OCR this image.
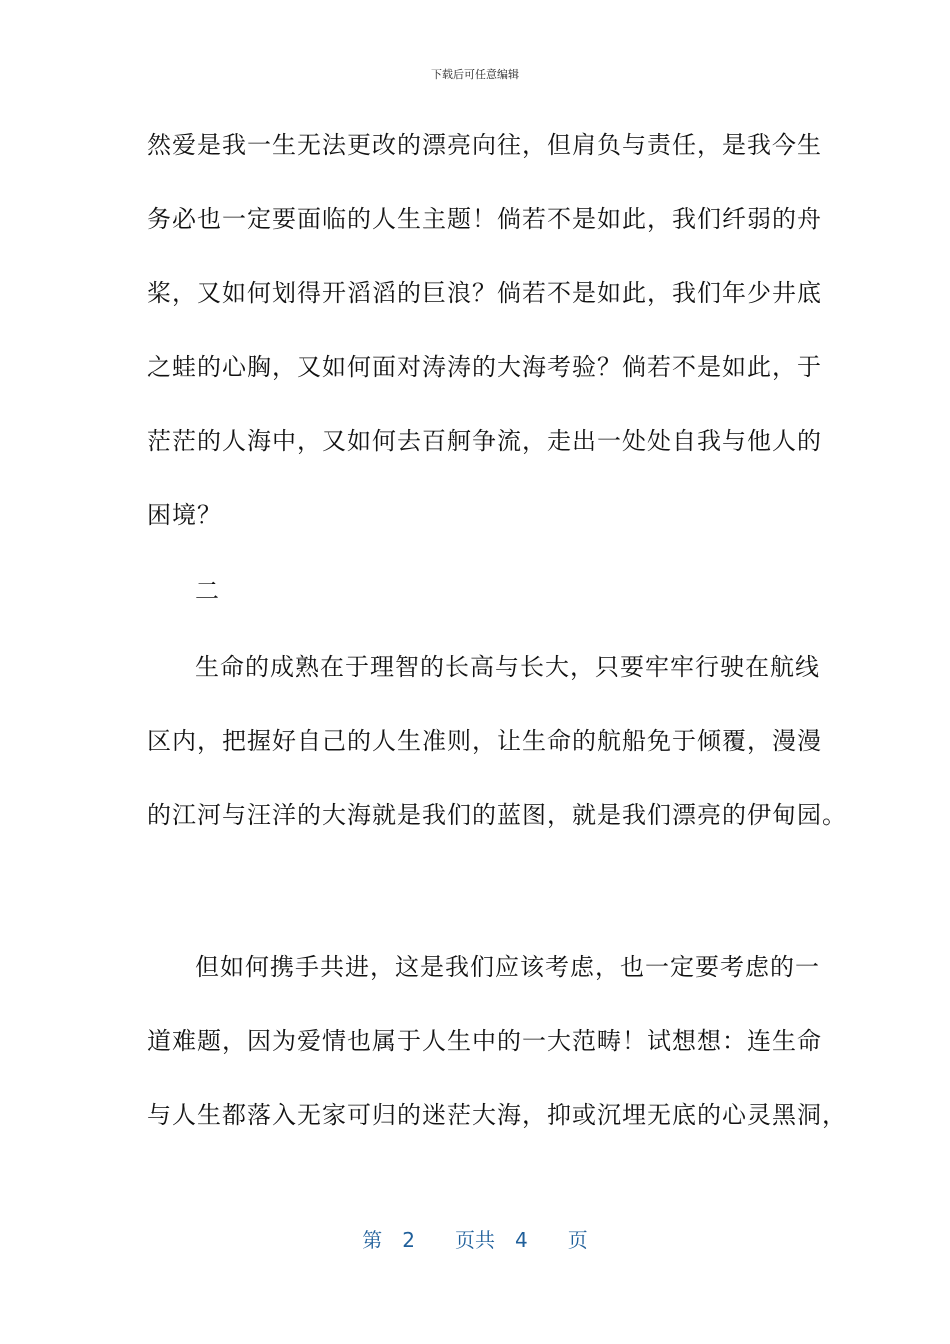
下载后可任意编辑
然爱是我一生无法更改的漂亮向往，但肩负与责任，是我今生
务必也一定要面临的人生主题！倘若不是如此，我们纤弱的舟
桨，又如何划得开滔滔的巨浪？倘若不是如此，我们年少井底
之蛙的心胸，又如何面对涛涛的大海考验？倘若不是如此，于
茫茫的人海中，又如何去百舸争流，走出一处处自我与他人的
困境？
二
生命的成熟在于理智的长高与长大，只要牢牢行驶在航线
区内，把握好自己的人生准则，让生命的航船免于倾覆，漫漫
的江河与汪洋的大海就是我们的蓝图，就是我们漂亮的伊甸园。
但如何携手共进，这是我们应该考虑，也一定要考虑的一
道难题，因为爱情也属于人生中的一大范畴！试想想：连生命
与人生都落入无家可归的迷茫大海，抑或沉埋无底的心灵黑洞，
第 2 页共 4 页
